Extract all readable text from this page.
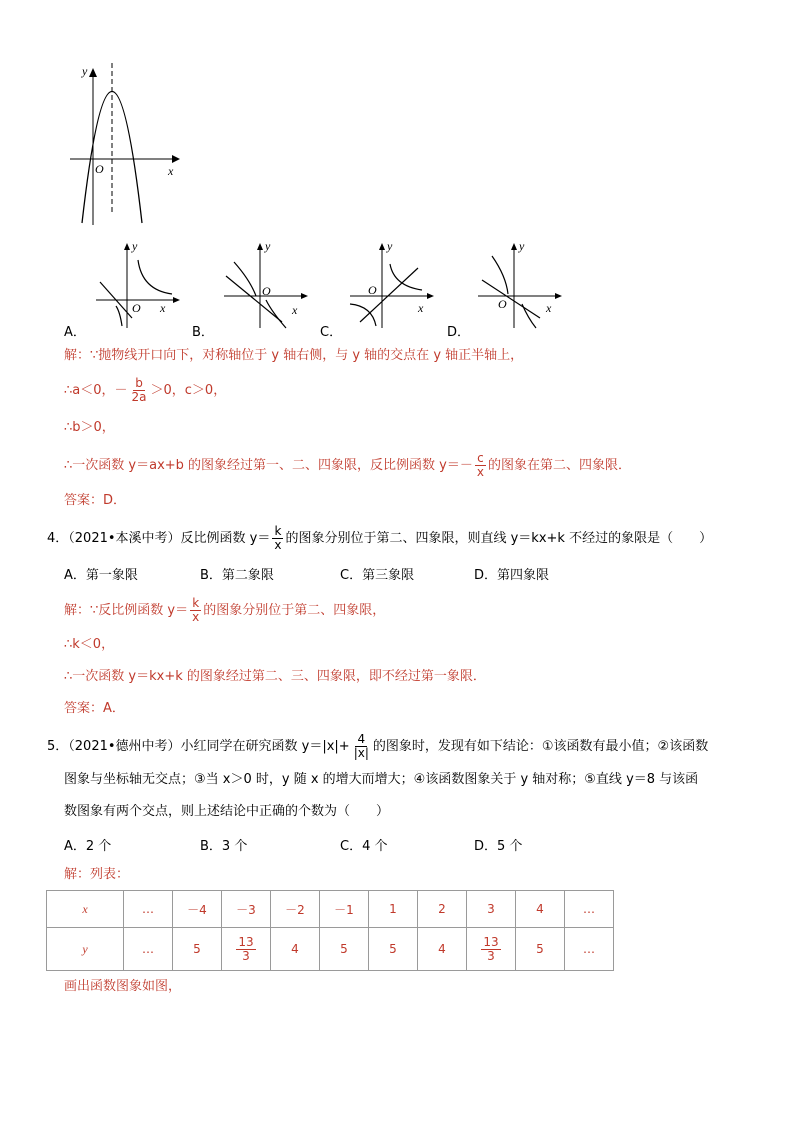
y
x
O
y
O x
y
O
x
y
O
x
y
O	x
A．	B．	C．	D．
解：∵抛物线开口向下，对称轴位于 y 轴右侧，与 y 轴的交点在 y 轴正半轴上，
∴a＜0，－ $\frac{b}{2a} >0$，c＞0，
∴b＞0，
∴一次函数 y＝ax+b 的图象经过第一、二、四象限，反比例函数 $y=- \frac{c}{x}$ 的图象在第二、四象限．
答案：D．
4．（2021•本溪中考）反比例函数 $y= \frac{k}{x}$ 的图象分别位于第二、四象限，则直线 y＝kx+k 不经过的象限是（　　）
A．第一象限	B．第二象限	C．第三象限	D．第四象限
解：∵反比例函数 $y= \frac{k}{x}$ 的图象分别位于第二、四象限，
∴k＜0，
∴一次函数 y＝kx+k 的图象经过第二、三、四象限，即不经过第一象限．
答案：A．
5．（2021•德州中考）小红同学在研究函数 $y=|x|+ \frac{4}{|x|}$ 的图象时，发现有如下结论：①该函数有最小值；②该函数
图象与坐标轴无交点；③当 x＞0 时，y 随 x 的增大而增大；④该函数图象关于 y 轴对称；⑤直线 y＝8 与该函
数图象有两个交点，则上述结论中正确的个数为（　　）
A．2 个	B．3 个	C．4 个	D．5 个
解：列表：
x	…	－4	－3	－2	－1	1	2	3	4	…
y	…	5	$\frac{13}{3}$	4	5	5	4	$\frac{13}{3}$	5	…
画出函数图象如图，
